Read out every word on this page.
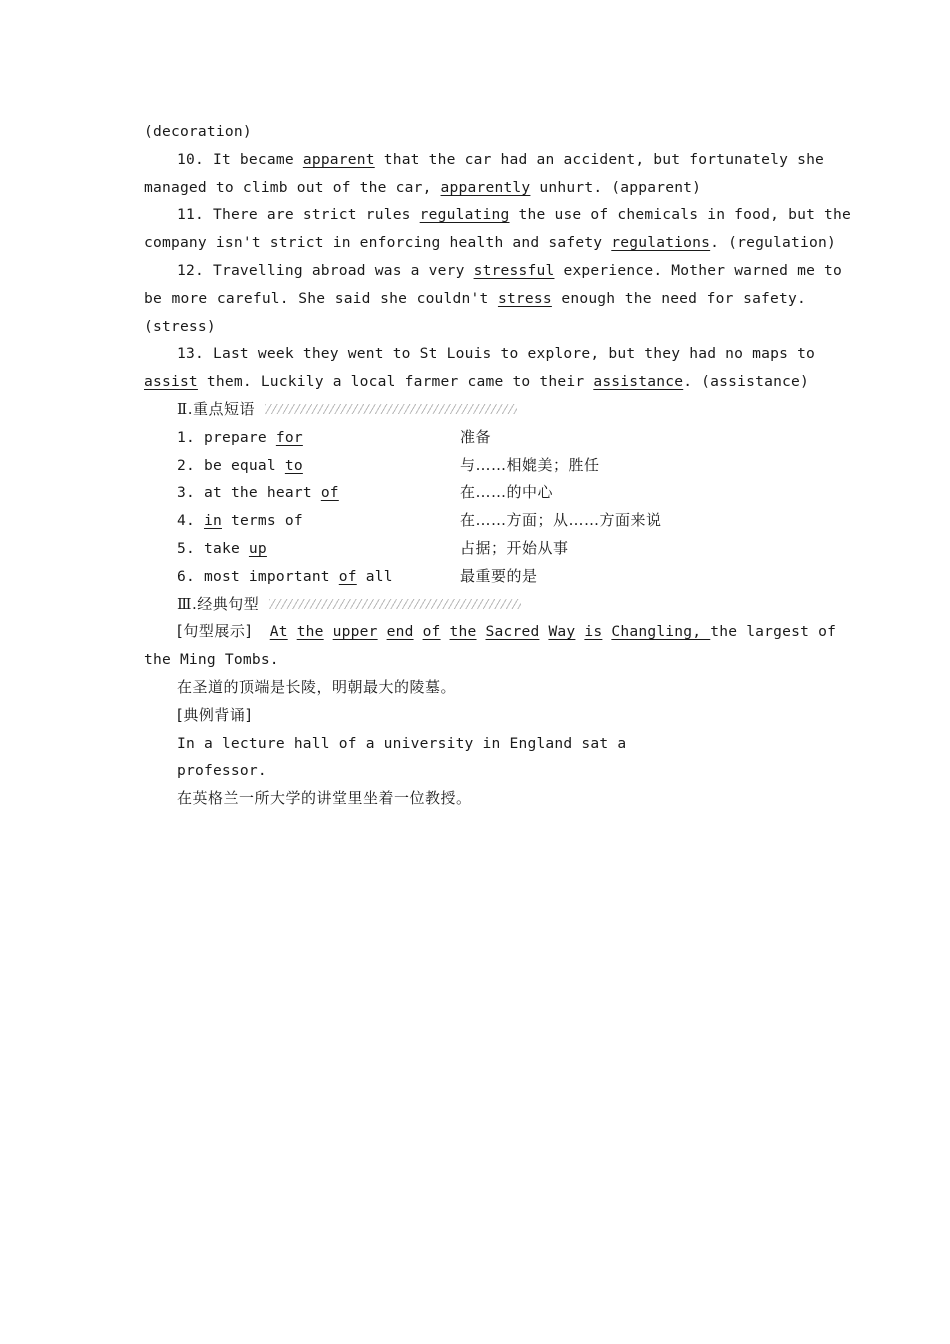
(decoration)
10. It became apparent that the car had an accident, but fortunately she
managed to climb out of the car, apparently unhurt. (apparent)
11. There are strict rules regulating the use of chemicals in food, but the
company isn't strict in enforcing health and safety regulations. (regulation)
12. Travelling abroad was a very stressful experience. Mother warned me to
be more careful. She said she couldn't stress enough the need for safety.
(stress)
13. Last week they went to St Louis to explore, but they had no maps to
assist them. Luckily a local farmer came to their assistance. (assistance)
Ⅱ.重点短语
1. prepare for	准备
2. be equal to	与……相媲美；胜任
3. at the heart of	在……的中心
4. in terms of	在……方面；从……方面来说
5. take up	占据；开始从事
6. most important of all	最重要的是
Ⅲ.经典句型
[句型展示] At the upper end of the Sacred Way is Changling, the largest of
the Ming Tombs.
在圣道的顶端是长陵，明朝最大的陵墓。
[典例背诵]
In a lecture hall of a university in England sat a
professor.
在英格兰一所大学的讲堂里坐着一位教授。
